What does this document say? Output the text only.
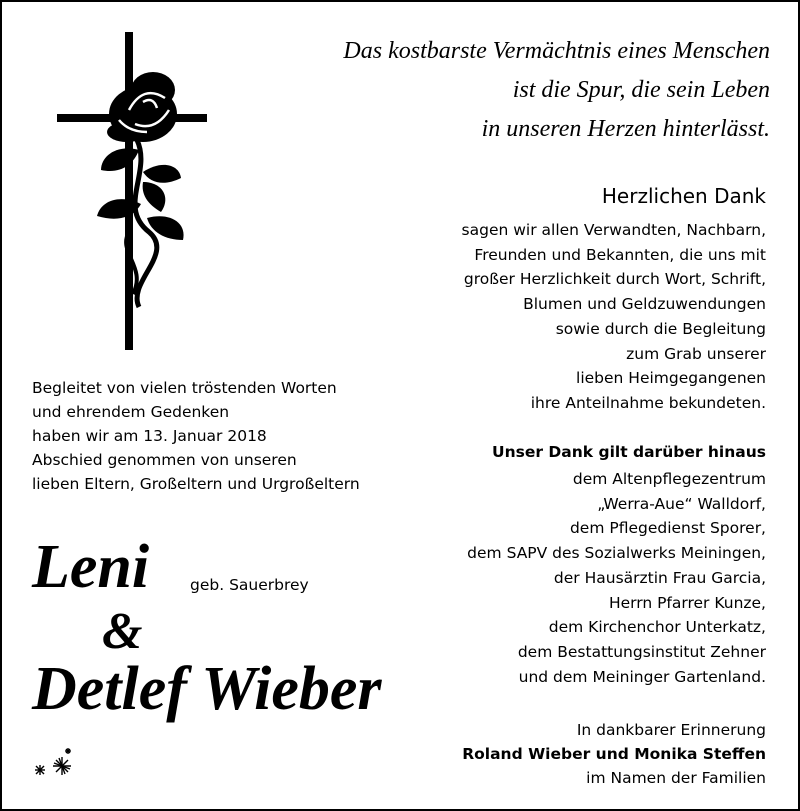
Das kostbarste Vermächtnis eines Menschen
ist die Spur, die sein Leben
in unseren Herzen hinterlässt.
Herzlichen Dank
sagen wir allen Verwandten, Nachbarn,
Freunden und Bekannten, die uns mit
großer Herzlichkeit durch Wort, Schrift,
Blumen und Geldzuwendungen
sowie durch die Begleitung
zum Grab unserer
lieben Heimgegangenen
ihre Anteilnahme bekundeten.
Unser Dank gilt darüber hinaus
dem Altenpflegezentrum
„Werra-Aue“ Walldorf,
dem Pflegedienst Sporer,
dem SAPV des Sozialwerks Meiningen,
der Hausärztin Frau Garcia,
Herrn Pfarrer Kunze,
dem Kirchenchor Unterkatz,
dem Bestattungsinstitut Zehner
und dem Meininger Gartenland.
Begleitet von vielen tröstenden Worten
und ehrendem Gedenken
haben wir am 13. Januar 2018
Abschied genommen von unseren
lieben Eltern, Großeltern und Urgroßeltern
Leni	geb. Sauerbrey
&
Detlef Wieber
In dankbarer Erinnerung
Roland Wieber und Monika Steffen
im Namen der Familien
